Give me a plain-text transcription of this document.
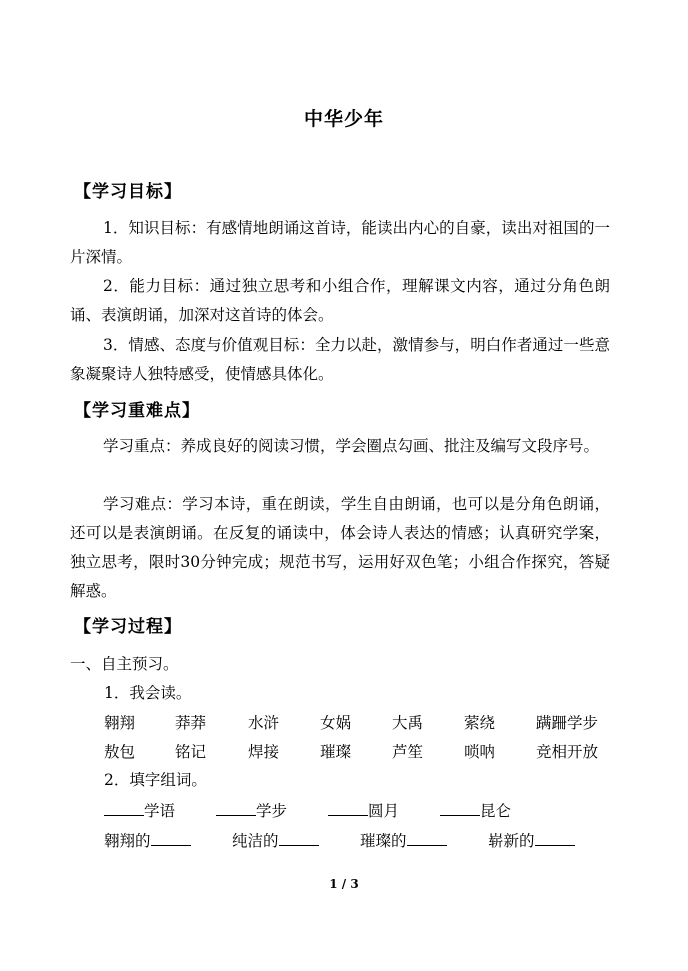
中华少年
【学习目标】
1．知识目标：有感情地朗诵这首诗，能读出内心的自豪，读出对祖国的一片深情。
2．能力目标：通过独立思考和小组合作，理解课文内容，通过分角色朗诵、表演朗诵，加深对这首诗的体会。
3．情感、态度与价值观目标：全力以赴，激情参与，明白作者通过一些意象凝聚诗人独特感受，使情感具体化。
【学习重难点】
学习重点：养成良好的阅读习惯，学会圈点勾画、批注及编写文段序号。
学习难点：学习本诗，重在朗读，学生自由朗诵，也可以是分角色朗诵，还可以是表演朗诵。在反复的诵读中，体会诗人表达的情感；认真研究学案，独立思考，限时30分钟完成；规范书写，运用好双色笔；小组合作探究，答疑解惑。
【学习过程】
一、自主预习。
1．我会读。
翱翔	莽莽	水浒	女娲	大禹	萦绕	蹒跚学步
敖包	铭记	焊接	璀璨	芦笙	唢呐	竞相开放
2．填字组词。
学语	学步	圆月	昆仑
翱翔的	纯洁的	璀璨的	崭新的
1 / 3
